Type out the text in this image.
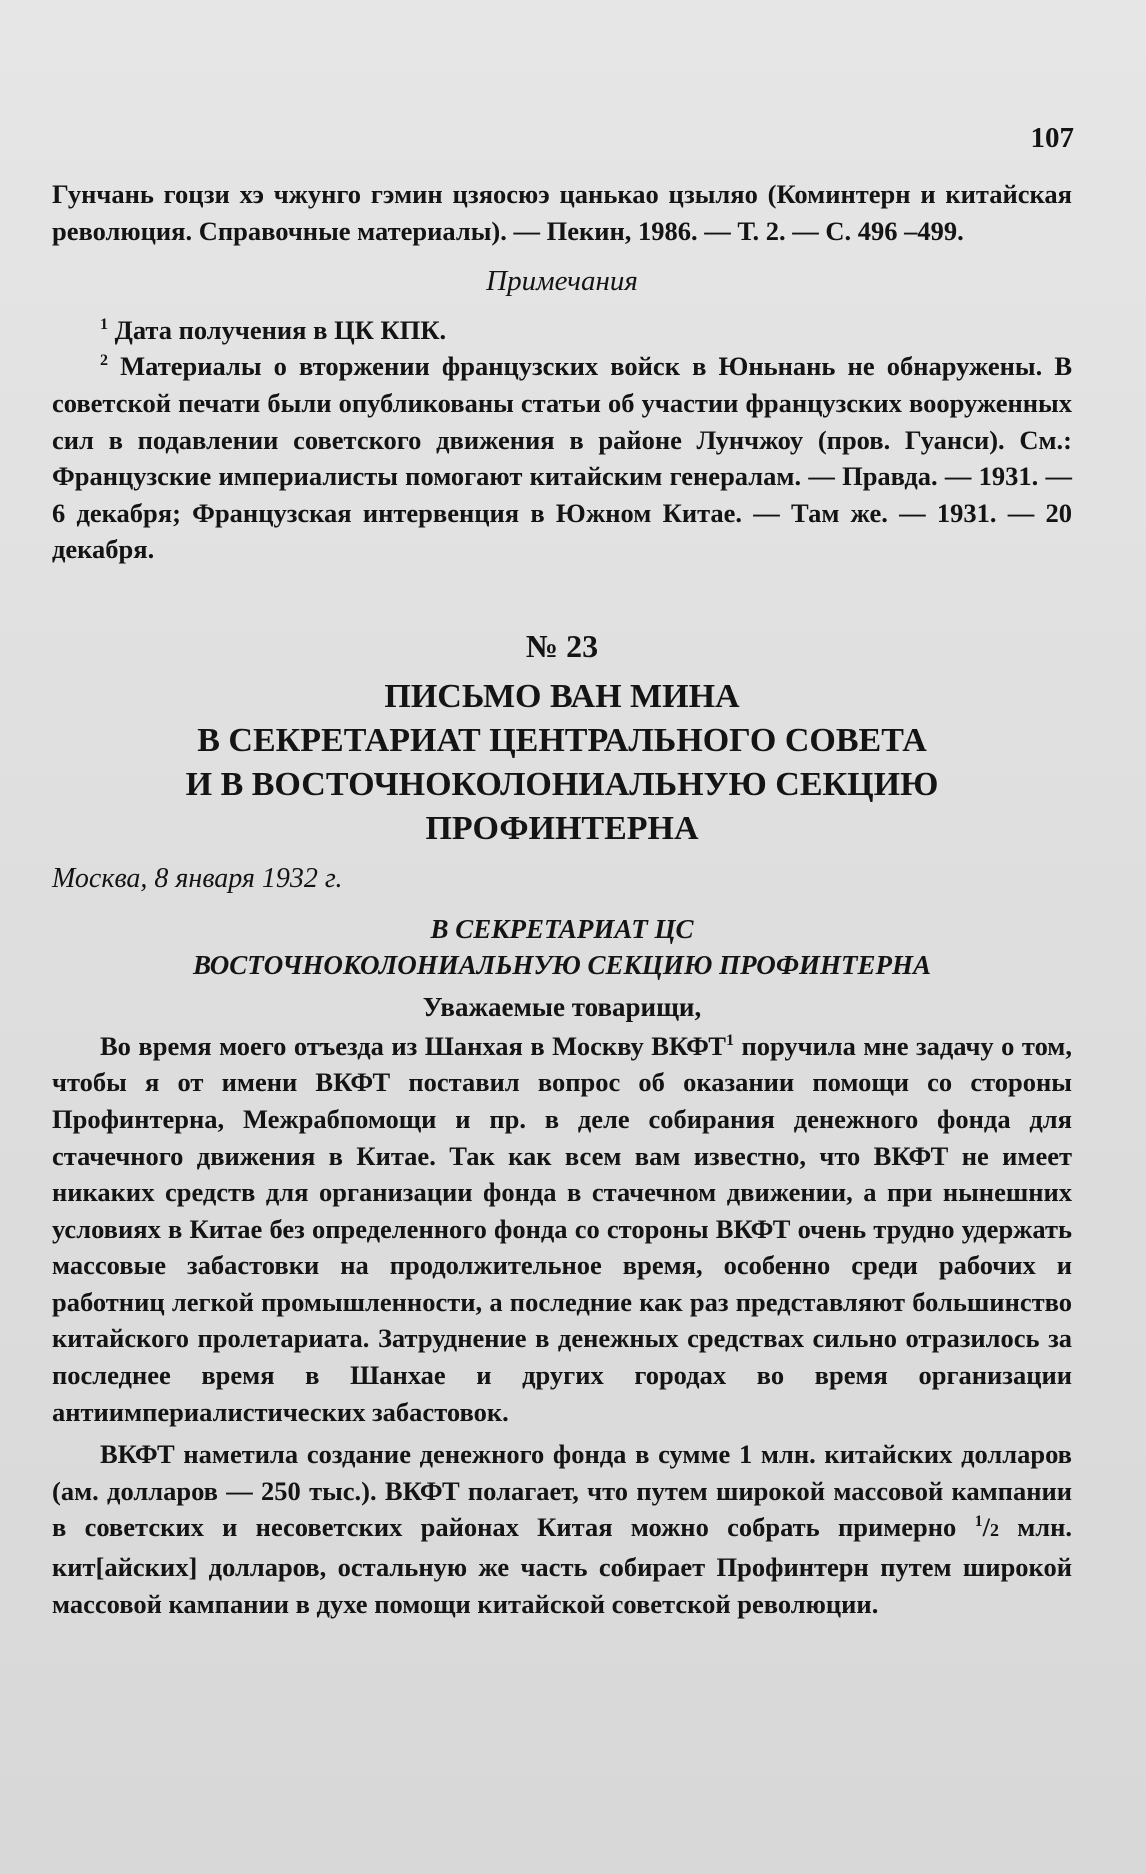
107

Гунчань гоцзи хэ чжунго гэмин цзяосюэ цанькао цзыляо (Коминтерн и китайская революция. Справочные материалы). — Пекин, 1986. — Т. 2. — С. 496 –499.

Примечания

$^1$ Дата получения в ЦК КПК.

$^2$ Материалы о вторжении французских войск в Юньнань не обнаружены. В советской печати были опубликованы статьи об участии французских вооруженных сил в подавлении советского движения в районе Лунчжоу (пров. Гуанси). См.: Французские империалисты помогают китайским генералам. — Правда. — 1931. — 6 декабря; Французская интервенция в Южном Китае. — Там же. — 1931. — 20 декабря.

№ 23
ПИСЬМО ВАН МИНА
В СЕКРЕТАРИАТ ЦЕНТРАЛЬНОГО СОВЕТА
И В ВОСТОЧНОКОЛОНИАЛЬНУЮ СЕКЦИЮ
ПРОФИНТЕРНА
Москва, 8 января 1932 г.
В СЕКРЕТАРИАТ ЦС
ВОСТОЧНОКОЛОНИАЛЬНУЮ СЕКЦИЮ ПРОФИНТЕРНА
Уважаемые товарищи,

Во время моего отъезда из Шанхая в Москву ВКФТ$^1$ поручила мне задачу о том, чтобы я от имени ВКФТ поставил вопрос об оказании помощи со стороны Профинтерна, Межрабпомощи и пр. в деле собирания денежного фонда для стачечного движения в Китае. Так как всем вам известно, что ВКФТ не имеет никаких средств для организации фонда в стачечном движении, а при нынешних условиях в Китае без определенного фонда со стороны ВКФТ очень трудно удержать массовые забастовки на продолжительное время, особенно среди рабочих и работниц легкой промышленности, а последние как раз представляют большинство китайского пролетариата. Затруднение в денежных средствах сильно отразилось за последнее время в Шанхае и других городах во время организации антиимпериалистических забастовок.

ВКФТ наметила создание денежного фонда в сумме 1 млн. китайских долларов (ам. долларов — 250 тыс.). ВКФТ полагает, что путем широкой массовой кампании в советских и несоветских районах Китая можно собрать примерно $^1$/2 млн. кит[айских] долларов, остальную же часть собирает Профинтерн путем широкой массовой кампании в духе помощи китайской советской революции.
